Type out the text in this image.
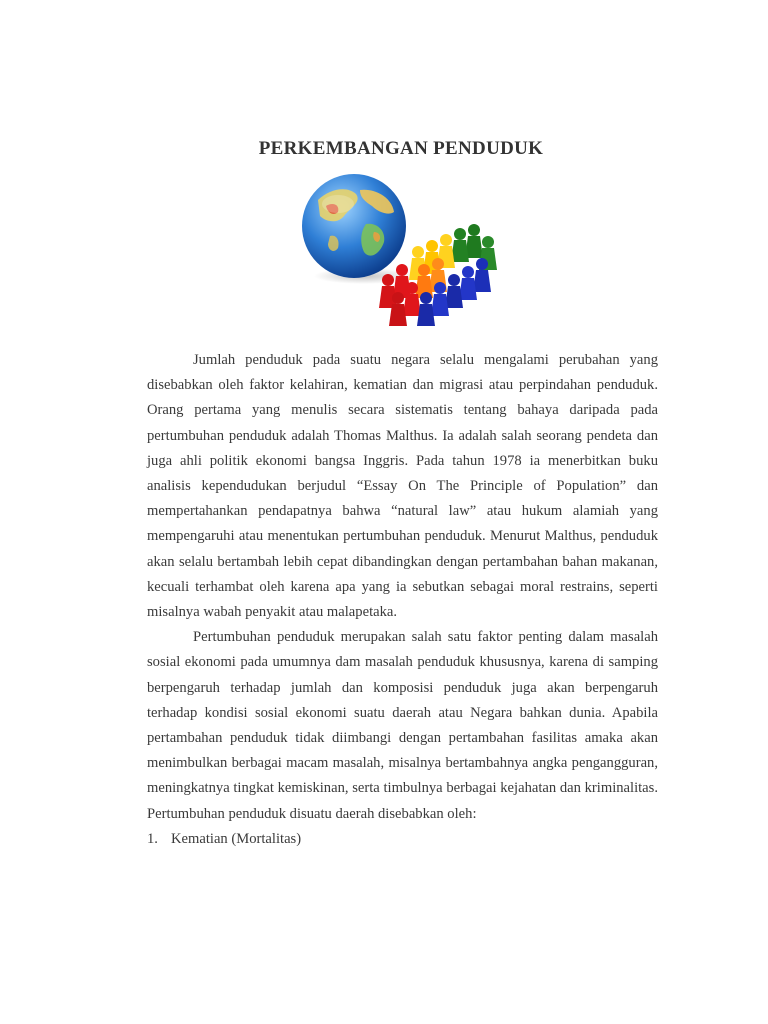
PERKEMBANGAN PENDUDUK

Jumlah penduduk pada suatu negara selalu mengalami perubahan yang disebabkan oleh faktor kelahiran, kematian dan migrasi atau perpindahan penduduk. Orang pertama yang menulis secara sistematis tentang bahaya daripada pada pertumbuhan penduduk adalah Thomas Malthus. Ia adalah salah seorang pendeta dan juga ahli politik ekonomi bangsa Inggris. Pada tahun 1978 ia menerbitkan buku analisis kependudukan berjudul “Essay On The Principle of Population” dan mempertahankan pendapatnya bahwa “natural law” atau hukum alamiah yang mempengaruhi atau menentukan pertumbuhan penduduk. Menurut Malthus, penduduk akan selalu bertambah lebih cepat dibandingkan dengan pertambahan bahan makanan, kecuali terhambat oleh karena apa yang ia sebutkan sebagai moral restrains, seperti misalnya wabah penyakit atau malapetaka.

Pertumbuhan penduduk merupakan salah satu faktor penting dalam masalah sosial ekonomi pada umumnya dam masalah penduduk khususnya, karena di samping berpengaruh terhadap jumlah dan komposisi penduduk juga akan berpengaruh terhadap kondisi sosial ekonomi suatu daerah atau Negara bahkan dunia. Apabila pertambahan penduduk tidak diimbangi dengan pertambahan fasilitas amaka akan menimbulkan berbagai macam masalah, misalnya bertambahnya angka pengangguran, meningkatnya tingkat kemiskinan, serta timbulnya berbagai kejahatan dan kriminalitas. Pertumbuhan penduduk disuatu daerah disebabkan oleh:

1. Kematian (Mortalitas)
